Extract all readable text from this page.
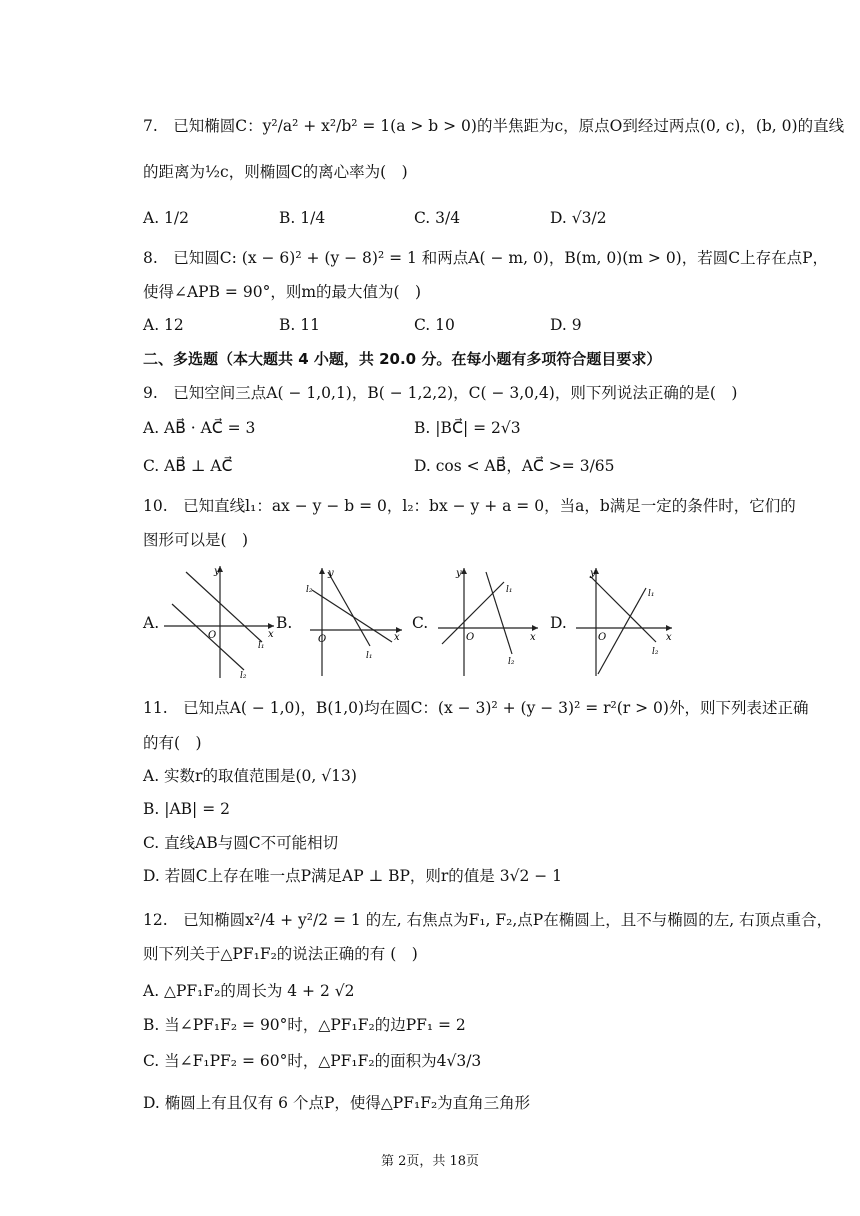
7.　已知椭圆C：y²/a² + x²/b² = 1(a > b > 0)的半焦距为c，原点O到经过两点(0, c)，(b, 0)的直线
的距离为½c，则椭圆C的离心率为(　)
A. 1/2	B. 1/4	C. 3/4	D. √3/2
8.　已知圆C: (x − 6)² + (y − 8)² = 1 和两点A( − m, 0)，B(m, 0)(m > 0)，若圆C上存在点P，
使得∠APB = 90°，则m的最大值为(　)
A. 12	B. 11	C. 10	D. 9
二、多选题（本大题共 4 小题，共 20.0 分。在每小题有多项符合题目要求）
9.　已知空间三点A( − 1,0,1)，B( − 1,2,2)，C( − 3,0,4)，则下列说法正确的是(　)
A. AB⃗ · AC⃗ = 3	B. |BC⃗| = 2√3
C. AB⃗ ⊥ AC⃗	D. cos < AB⃗，AC⃗ >= 3/65
10.　已知直线l₁：ax − y − b = 0，l₂：bx − y + a = 0，当a，b满足一定的条件时，它们的
图形可以是(　)
A.	B.	C.	D.
y
x
O
l₁
l₂
y
x
O
l₂
l₁
y
x
O
l₁
l₂
y
x
O
l₁
l₂
11.　已知点A( − 1,0)，B(1,0)均在圆C：(x − 3)² + (y − 3)² = r²(r > 0)外，则下列表述正确
的有(　)
A. 实数r的取值范围是(0, √13)
B. |AB| = 2
C. 直线AB与圆C不可能相切
D. 若圆C上存在唯一点P满足AP ⊥ BP，则r的值是 3√2 − 1
12.　已知椭圆x²/4 + y²/2 = 1 的左, 右焦点为F₁, F₂,点P在椭圆上，且不与椭圆的左, 右顶点重合，
则下列关于△PF₁F₂的说法正确的有 (　)
A. △PF₁F₂的周长为 4 + 2 √2
B. 当∠PF₁F₂ = 90°时，△PF₁F₂的边PF₁ = 2
C. 当∠F₁PF₂ = 60°时，△PF₁F₂的面积为4√3/3
D. 椭圆上有且仅有 6 个点P，使得△PF₁F₂为直角三角形
第 2页，共 18页
